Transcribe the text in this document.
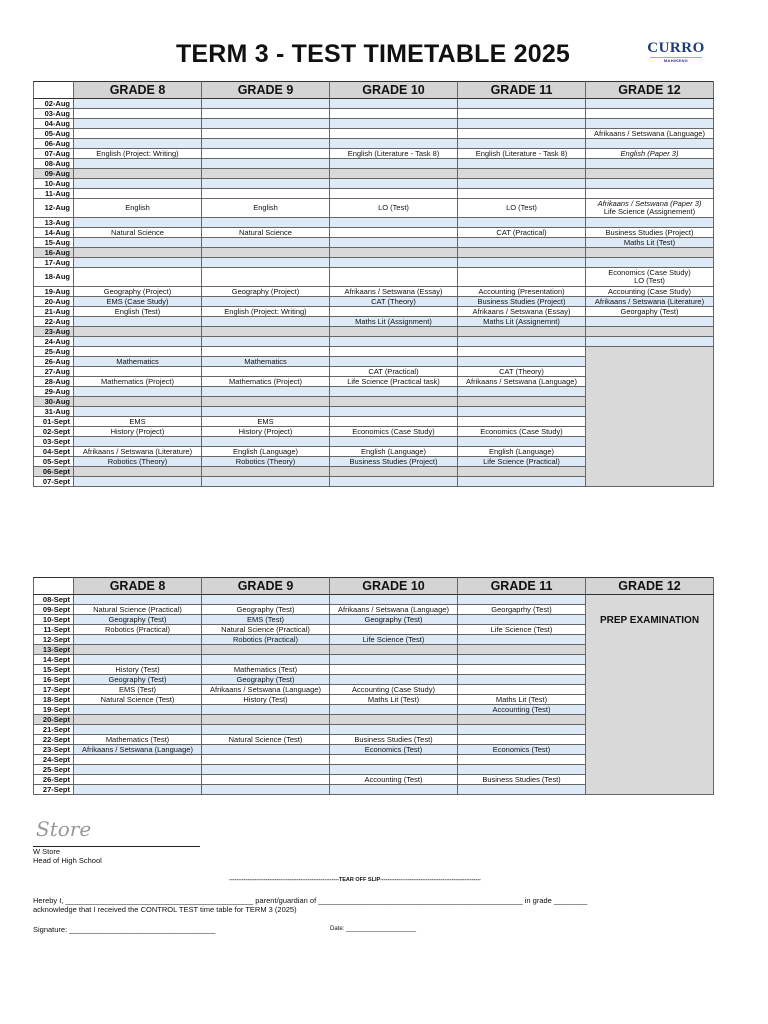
TERM 3 - TEST TIMETABLE 2025	CURRO
MAHIKENG
	GRADE 8	GRADE 9	GRADE 10	GRADE 11	GRADE 12
02-Aug					
03-Aug					
04-Aug					
05-Aug					Afrikaans / Setswana (Language)
06-Aug					
07-Aug	English (Project: Writing)		English (Literature - Task 8)	English (Literature - Task 8)	English (Paper 3)
08-Aug					
09-Aug					
10-Aug					
11-Aug					
12-Aug	English	English	LO (Test)	LO (Test)	Afrikaans / Setswana (Paper 3)
Life Science (Assignement)

13-Aug					
14-Aug	Natural Science	Natural Science		CAT (Practical)	Business Studies (Project)
15-Aug					Maths Lit (Test)
16-Aug					
17-Aug					
18-Aug					Economics (Case Study)
LO (Test)

19-Aug	Geography (Project)	Geography (Project)	Afrikaans / Setswana (Essay)	Accounting (Presentation)	Accounting (Case Study)
20-Aug	EMS (Case Study)		CAT (Theory)	Business Studies (Project)	Afrikaans / Setswana (Literature)
21-Aug	English (Test)	English (Project: Writing)		Afrikaans / Setswana (Essay)	Georgaphy (Test)
22-Aug			Maths Lit (Assignment)	Maths Lit (Assignemnt)	
23-Aug					
24-Aug					
25-Aug					
26-Aug	Mathematics	Mathematics			
27-Aug			CAT (Practical)	CAT (Theory)	
28-Aug	Mathematics (Project)	Mathematics (Project)	Life Science (Practical task)	Afrikaans / Setswana (Language)	
29-Aug					
30-Aug					
31-Aug					
01-Sept	EMS	EMS			
02-Sept	History (Project)	History (Project)	Economics (Case Study)	Economics (Case Study)	
03-Sept					
04-Sept	Afrikaans / Setswana (Literature)	English (Language)	English (Language)	English (Language)	
05-Sept	Robotics (Theory)	Robotics (Theory)	Business Studies (Project)	Life Science (Practical)	
06-Sept					
07-Sept					
	GRADE 8	GRADE 9	GRADE 10	GRADE 11	GRADE 12
08-Sept					PREP EXAMINATION
09-Sept	Natural Science (Practical)	Geography (Test)	Afrikaans / Setswana (Language)	Georgaprhy (Test)	
10-Sept	Geography (Test)	EMS (Test)	Geography (Test)		
11-Sept	Robotics (Practical)	Natural Science (Practical)		Life Science (Test)	
12-Sept		Robotics (Practical)	Life Science (Test)		
13-Sept					
14-Sept					
15-Sept	History (Test)	Mathematics (Test)			
16-Sept	Geography (Test)	Geography (Test)			
17-Sept	EMS (Test)	Afrikaans / Setswana (Language)	Accounting (Case Study)		
18-Sept	Natural Science (Test)	History (Test)	Maths Lit (Test)	Maths Lit (Test)	
19-Sept				Accounting (Test)	
20-Sept					
21-Sept					
22-Sept	Mathematics (Test)	Natural Science (Test)	Business Studies (Test)		
23-Sept	Afrikaans / Setswana (Language)		Economics (Test)	Economics (Test)	
24-Sept					
25-Sept					
26-Sept			Accounting (Test)	Business Studies (Test)	
27-Sept					
Store
W Store
Head of High School
------------------------------------------------------------TEAR OFF SLIP-------------------------------------------------------
Hereby I, _____________________________________________ parent/guardian of _________________________________________________ in grade ________
acknowledge that I received the CONTROL TEST time table for TERM 3 (2025)
Signature: ___________________________________	Date: _____________________
